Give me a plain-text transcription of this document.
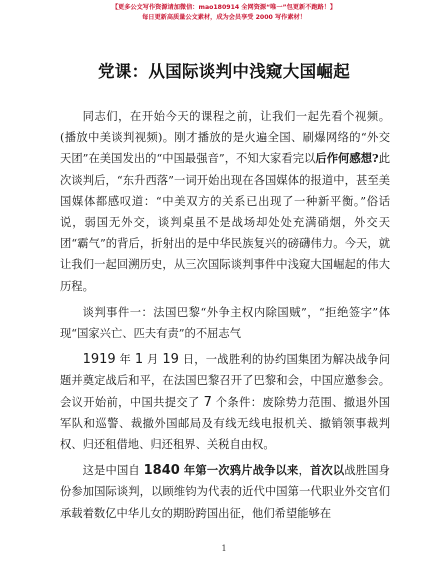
【更多公文写作资源请加微信：mao180914 全网资源“唯一”包更新不跑路！】
每日更新高质量公文素材，成为会员享受 2000 写作素材！
党课：从国际谈判中浅窥大国崛起

同志们，在开始今天的课程之前，让我们一起先看个视频。(播放中美谈判视频)。刚才播放的是火遍全国、刷爆网络的“外交天团”在美国发出的“中国最强音”，不知大家看完以后作何感想?此次谈判后，“东升西落”一词开始出现在各国媒体的报道中，甚至美国媒体都感叹道：“中美双方的关系已出现了一种新平衡。”俗话说，弱国无外交，谈判桌虽不是战场却处处充满硝烟，外交天团“霸气”的背后，折射出的是中华民族复兴的磅礴伟力。今天，就让我们一起回溯历史，从三次国际谈判事件中浅窥大国崛起的伟大历程。

谈判事件一：法国巴黎“外争主权内除国贼”，“拒绝签字”体现“国家兴亡、匹夫有责”的不屈志气

1919 年 1 月 19 日，一战胜利的协约国集团为解决战争问题并奠定战后和平，在法国巴黎召开了巴黎和会，中国应邀参会。会议开始前，中国共提交了 7 个条件：废除势力范围、撤退外国军队和巡警、裁撤外国邮局及有线无线电报机关、撤销领事裁判权、归还租借地、归还租界、关税自由权。

这是中国自 1840 年第一次鸦片战争以来，首次以战胜国身份参加国际谈判，以顾维钧为代表的近代中国第一代职业外交官们承载着数亿中华儿女的期盼跨国出征，他们希望能够在

1
